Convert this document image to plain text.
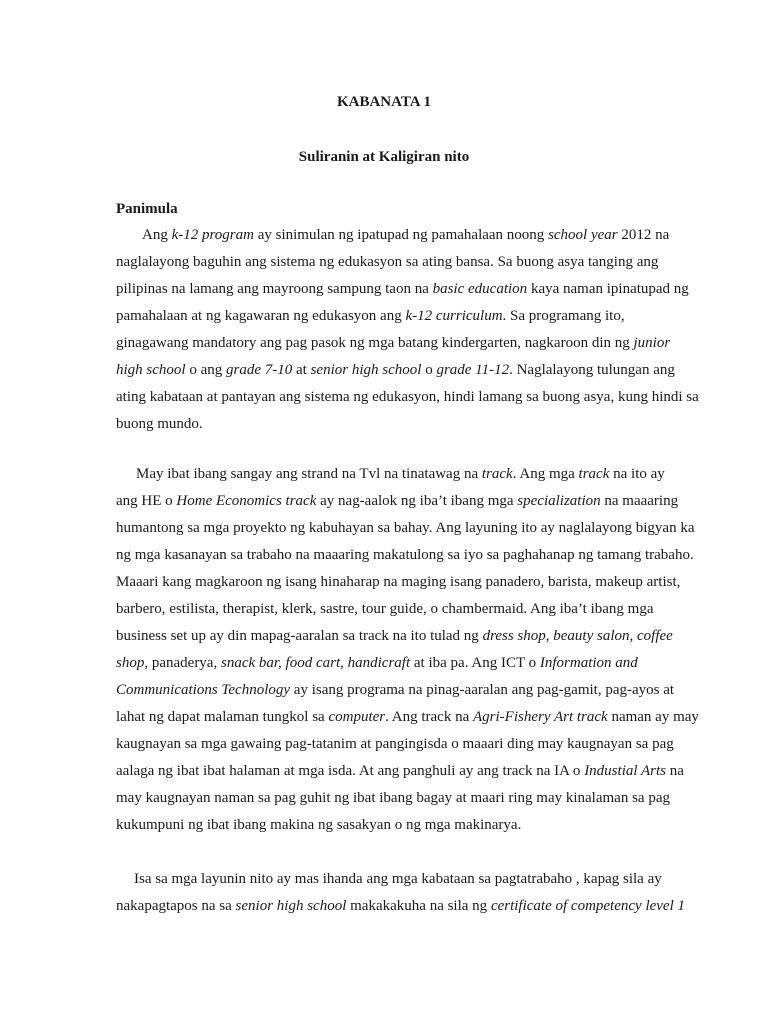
KABANATA 1
Suliranin at Kaligiran nito
Panimula
Ang k-12 program ay sinimulan ng ipatupad ng pamahalaan noong school year 2012 na
naglalayong baguhin ang sistema ng edukasyon sa ating bansa. Sa buong asya tanging ang
pilipinas na lamang ang mayroong sampung taon na basic education kaya naman ipinatupad ng
pamahalaan at ng kagawaran ng edukasyon ang k-12 curriculum. Sa programang ito,
ginagawang mandatory ang pag pasok ng mga batang kindergarten, nagkaroon din ng junior
high school o ang grade 7-10 at senior high school o grade 11-12. Naglalayong tulungan ang
ating kabataan at pantayan ang sistema ng edukasyon, hindi lamang sa buong asya, kung hindi sa
buong mundo.
May ibat ibang sangay ang strand na Tvl na tinatawag na track. Ang mga track na ito ay
ang HE o Home Economics track ay nag-aalok ng iba’t ibang mga specialization na maaaring
humantong sa mga proyekto ng kabuhayan sa bahay. Ang layuning ito ay naglalayong bigyan ka
ng mga kasanayan sa trabaho na maaaring makatulong sa iyo sa paghahanap ng tamang trabaho.
Maaari kang magkaroon ng isang hinaharap na maging isang panadero, barista, makeup artist,
barbero, estilista, therapist, klerk, sastre, tour guide, o chambermaid. Ang iba’t ibang mga
business set up ay din mapag-aaralan sa track na ito tulad ng dress shop, beauty salon, coffee
shop, panaderya, snack bar, food cart, handicraft at iba pa. Ang ICT o Information and
Communications Technology ay isang programa na pinag-aaralan ang pag-gamit, pag-ayos at
lahat ng dapat malaman tungkol sa computer. Ang track na Agri-Fishery Art track naman ay may
kaugnayan sa mga gawaing pag-tatanim at pangingisda o maaari ding may kaugnayan sa pag
aalaga ng ibat ibat halaman at mga isda. At ang panghuli ay ang track na IA o Industial Arts na
may kaugnayan naman sa pag guhit ng ibat ibang bagay at maari ring may kinalaman sa pag
kukumpuni ng ibat ibang makina ng sasakyan o ng mga makinarya.
Isa sa mga layunin nito ay mas ihanda ang mga kabataan sa pagtatrabaho , kapag sila ay
nakapagtapos na sa senior high school makakakuha na sila ng certificate of competency level 1
